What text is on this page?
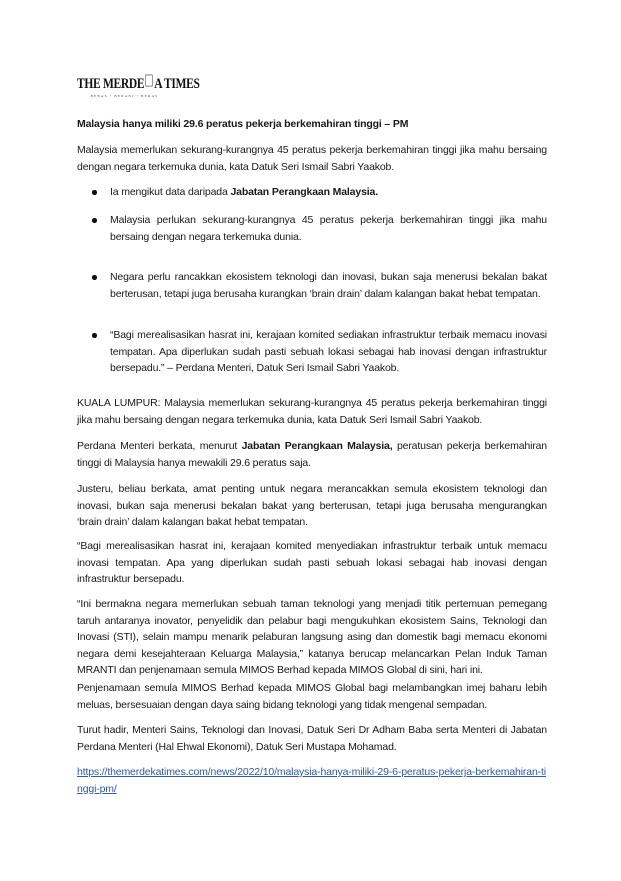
THE MERDE A TIMES
BEBAS • BERANI • BERAS
Malaysia hanya miliki 29.6 peratus pekerja berkemahiran tinggi – PM
Malaysia memerlukan sekurang-kurangnya 45 peratus pekerja berkemahiran tinggi jika mahu bersaing dengan negara terkemuka dunia, kata Datuk Seri Ismail Sabri Yaakob.
Ia mengikut data daripada Jabatan Perangkaan Malaysia.
Malaysia perlukan sekurang-kurangnya 45 peratus pekerja berkemahiran tinggi jika mahu bersaing dengan negara terkemuka dunia.
Negara perlu rancakkan ekosistem teknologi dan inovasi, bukan saja menerusi bekalan bakat berterusan, tetapi juga berusaha kurangkan ‘brain drain’ dalam kalangan bakat hebat tempatan.
“Bagi merealisasikan hasrat ini, kerajaan komited sediakan infrastruktur terbaik memacu inovasi tempatan. Apa diperlukan sudah pasti sebuah lokasi sebagai hab inovasi dengan infrastruktur bersepadu.” – Perdana Menteri, Datuk Seri Ismail Sabri Yaakob.
KUALA LUMPUR: Malaysia memerlukan sekurang-kurangnya 45 peratus pekerja berkemahiran tinggi jika mahu bersaing dengan negara terkemuka dunia, kata Datuk Seri Ismail Sabri Yaakob.
Perdana Menteri berkata, menurut Jabatan Perangkaan Malaysia, peratusan pekerja berkemahiran tinggi di Malaysia hanya mewakili 29.6 peratus saja.
Justeru, beliau berkata, amat penting untuk negara merancakkan semula ekosistem teknologi dan inovasi, bukan saja menerusi bekalan bakat yang berterusan, tetapi juga berusaha mengurangkan ‘brain drain’ dalam kalangan bakat hebat tempatan.
“Bagi merealisasikan hasrat ini, kerajaan komited menyediakan infrastruktur terbaik untuk memacu inovasi tempatan. Apa yang diperlukan sudah pasti sebuah lokasi sebagai hab inovasi dengan infrastruktur bersepadu.
“Ini bermakna negara memerlukan sebuah taman teknologi yang menjadi titik pertemuan pemegang taruh antaranya inovator, penyelidik dan pelabur bagi mengukuhkan ekosistem Sains, Teknologi dan Inovasi (STI), selain mampu menarik pelaburan langsung asing dan domestik bagi memacu ekonomi negara demi kesejahteraan Keluarga Malaysia,” katanya berucap melancarkan Pelan Induk Taman MRANTI dan penjenamaan semula MIMOS Berhad kepada MIMOS Global di sini, hari ini.
Penjenamaan semula MIMOS Berhad kepada MIMOS Global bagi melambangkan imej baharu lebih meluas, bersesuaian dengan daya saing bidang teknologi yang tidak mengenal sempadan.
Turut hadir, Menteri Sains, Teknologi dan Inovasi, Datuk Seri Dr Adham Baba serta Menteri di Jabatan Perdana Menteri (Hal Ehwal Ekonomi), Datuk Seri Mustapa Mohamad.
https://themerdekatimes.com/news/2022/10/malaysia-hanya-miliki-29-6-peratus-pekerja-berkemahiran-tinggi-pm/
